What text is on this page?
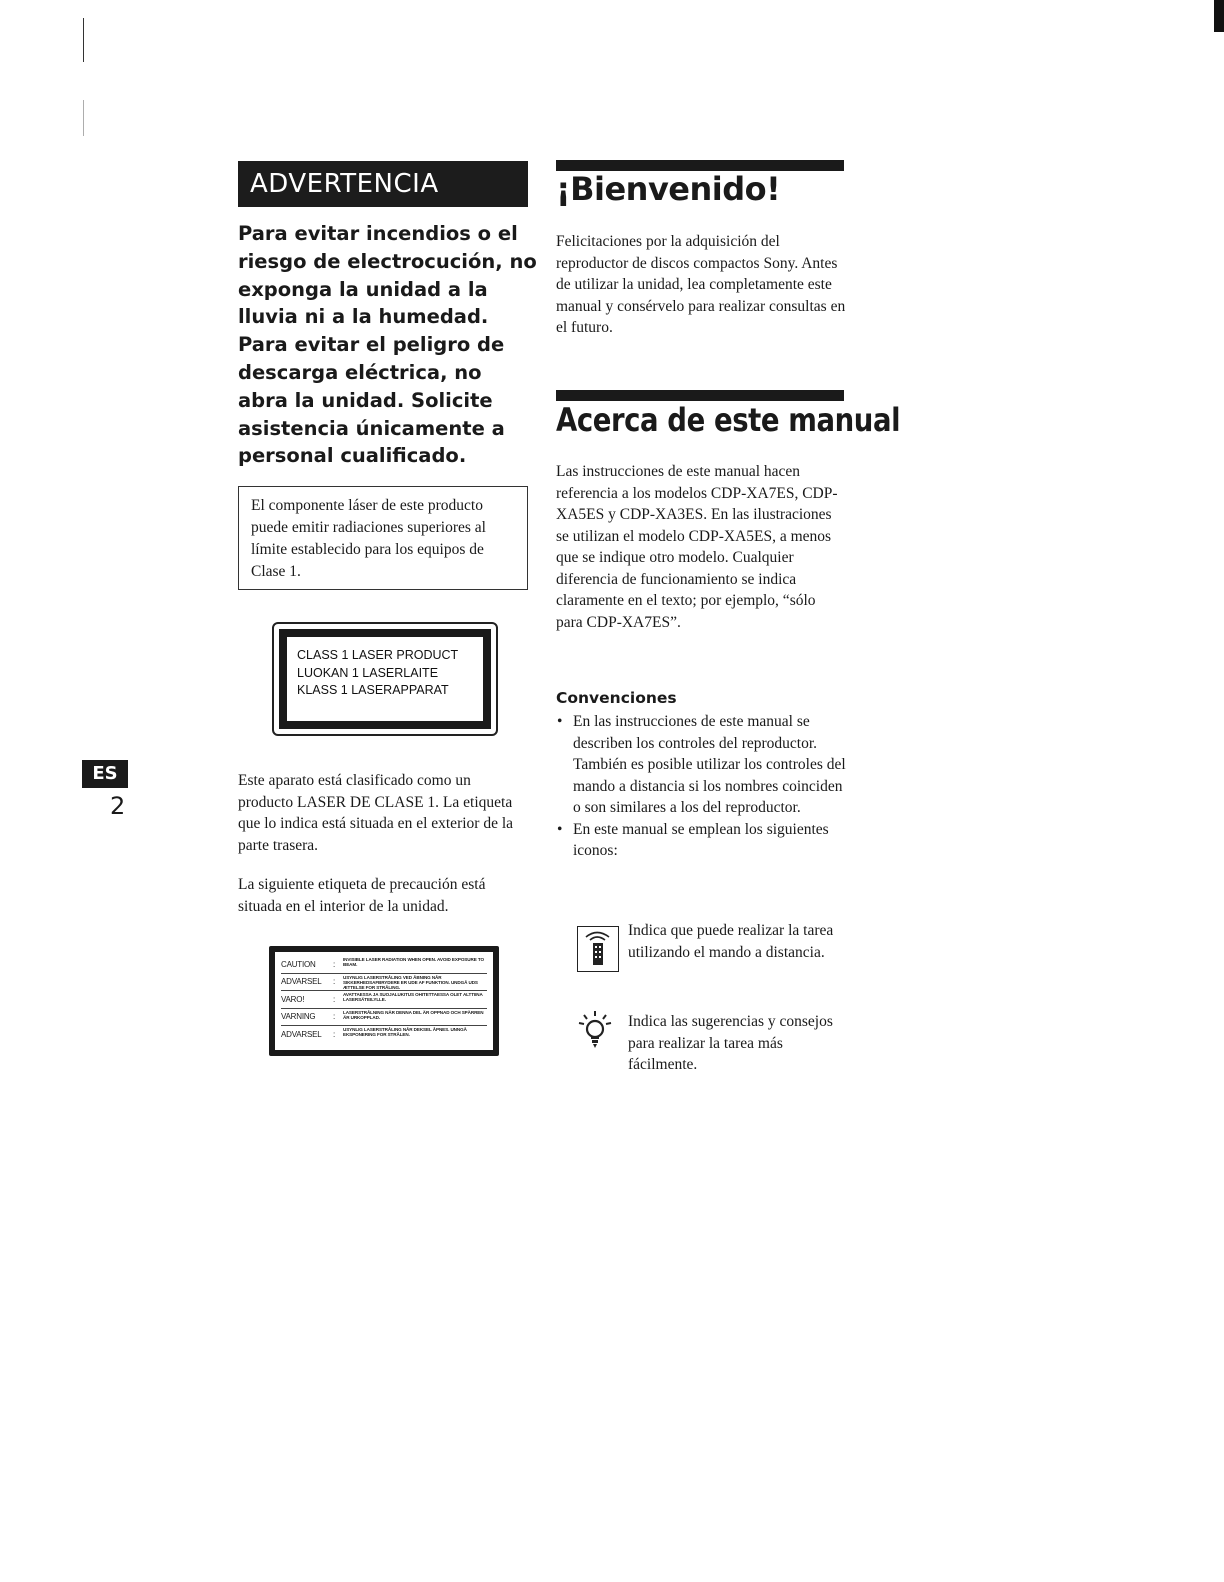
ADVERTENCIA
Para evitar incendios o el riesgo de electrocución, no exponga la unidad a la lluvia ni a la humedad. Para evitar el peligro de descarga eléctrica, no abra la unidad. Solicite asistencia únicamente a personal cualificado.
El componente láser de este producto puede emitir radiaciones superiores al límite establecido para los equipos de Clase 1.
CLASS 1 LASER PRODUCT
LUOKAN 1 LASERLAITE
KLASS 1 LASERAPPARAT
Este aparato está clasificado como un producto LASER DE CLASE 1. La etiqueta que lo indica está situada en el exterior de la parte trasera.
La siguiente etiqueta de precaución está situada en el interior de la unidad.
CAUTION	:	INVISIBLE LASER RADIATION WHEN OPEN. AVOID EXPOSURE TO BEAM.
ADVARSEL	:	USYNLIG LASERSTRÅLING VED ÅBNING NÅR SIKKERHEDSAFBRYDERE ER UDE AF FUNKTION. UNDGÅ UDS ÆTTELSE FOR STRÅLING.
VARO!	:	AVATTAESSA JA SUOJALUKITUS OHITETTAESSA OLET ALTTIINA LASERSÄTEILYLLE.
VARNING	:	LASERSTRÅLNING NÄR DENNA DEL ÄR OPPNAD OCH SPÄRREN ÄR URKOPPLAD.
ADVARSEL	:	USYNLIG LASERSTRÅLING NÅR DEKSEL ÅPNES. UNNGÅ EKSPONERING FOR STRÅLEN.
ES
2
¡Bienvenido!
Felicitaciones por la adquisición del reproductor de discos compactos Sony. Antes de utilizar la unidad, lea completamente este manual y consérvelo para realizar consultas en el futuro.
Acerca de este manual
Las instrucciones de este manual hacen referencia a los modelos CDP-XA7ES, CDP-XA5ES y CDP-XA3ES. En las ilustraciones se utilizan el modelo CDP-XA5ES, a menos que se indique otro modelo. Cualquier diferencia de funcionamiento se indica claramente en el texto; por ejemplo, “sólo para CDP-XA7ES”.
Convenciones
• En las instrucciones de este manual se describen los controles del reproductor.
También es posible utilizar los controles del mando a distancia si los nombres coinciden o son similares a los del reproductor.
• En este manual se emplean los siguientes iconos:
Indica que puede realizar la tarea utilizando el mando a distancia.
Indica las sugerencias y consejos para realizar la tarea más fácilmente.
